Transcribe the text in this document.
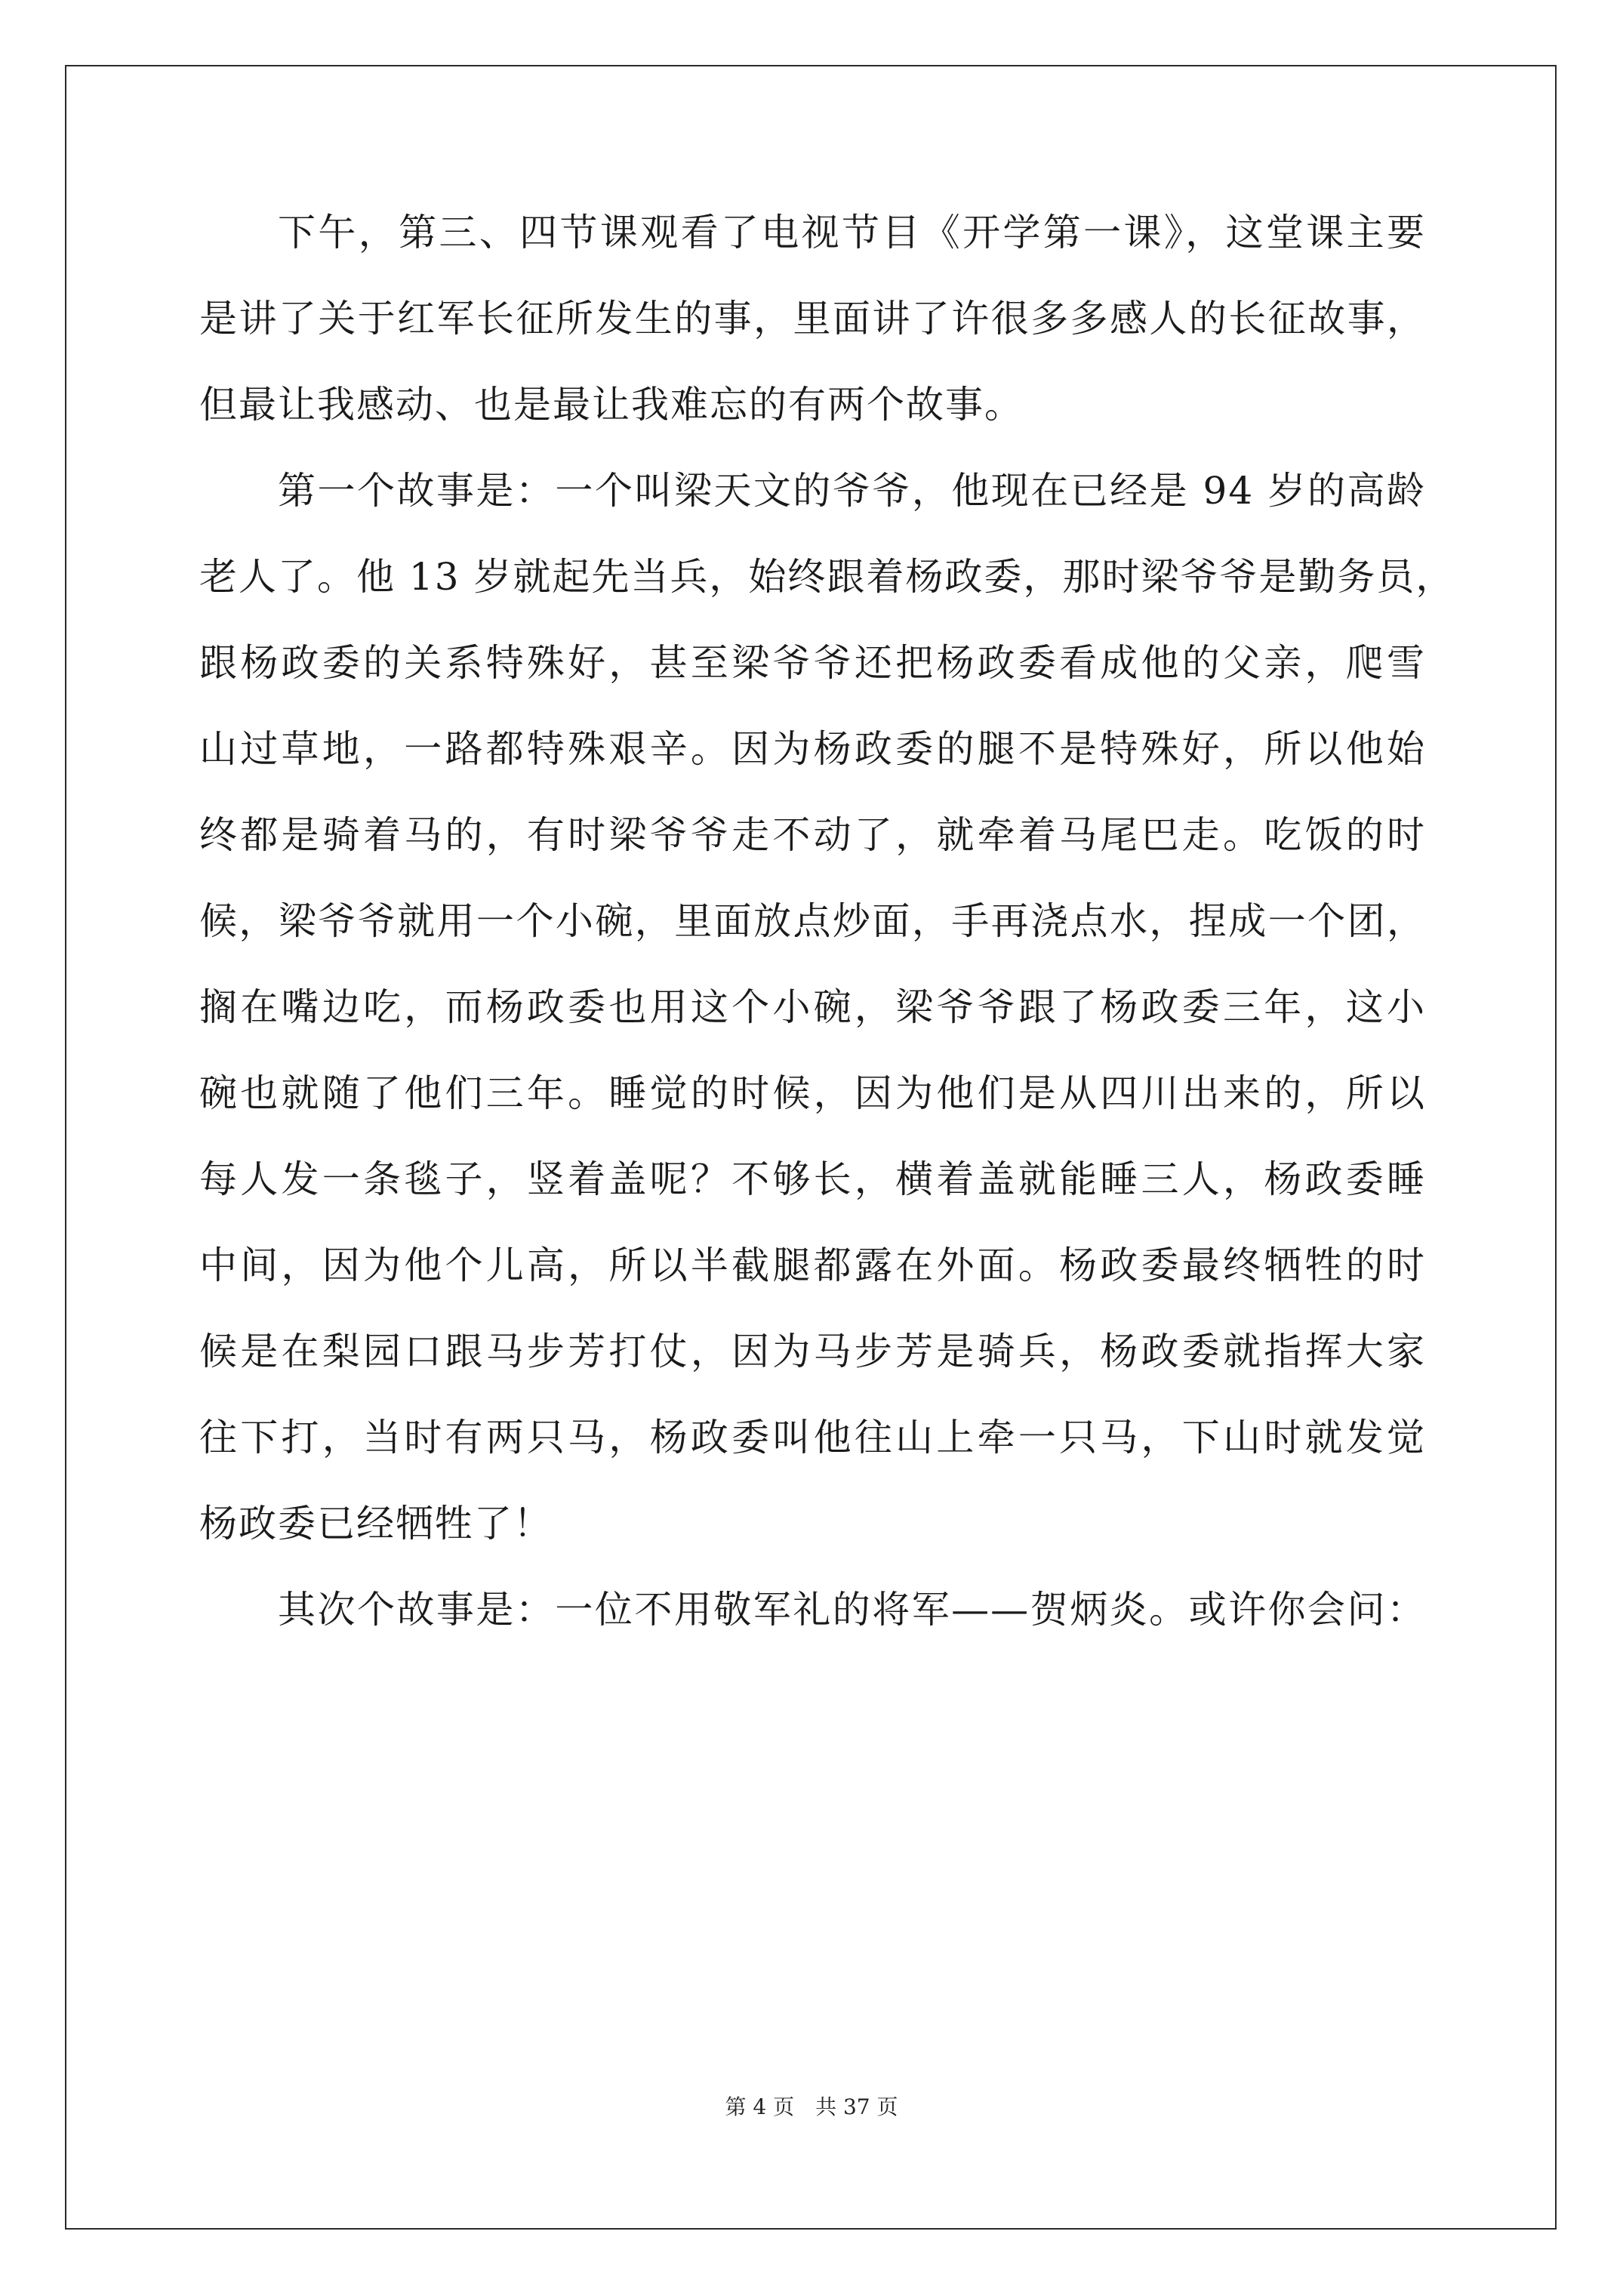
下午，第三、四节课观看了电视节目《开学第一课》，这堂课主要
是讲了关于红军长征所发生的事，里面讲了许很多多感人的长征故事，
但最让我感动、也是最让我难忘的有两个故事。
第一个故事是：一个叫梁天文的爷爷，他现在已经是 94 岁的高龄
老人了。他 13 岁就起先当兵，始终跟着杨政委，那时梁爷爷是勤务员，
跟杨政委的关系特殊好，甚至梁爷爷还把杨政委看成他的父亲，爬雪
山过草地，一路都特殊艰辛。因为杨政委的腿不是特殊好，所以他始
终都是骑着马的，有时梁爷爷走不动了，就牵着马尾巴走。吃饭的时
候，梁爷爷就用一个小碗，里面放点炒面，手再浇点水，捏成一个团，
搁在嘴边吃，而杨政委也用这个小碗，梁爷爷跟了杨政委三年，这小
碗也就随了他们三年。睡觉的时候，因为他们是从四川出来的，所以
每人发一条毯子，竖着盖呢？不够长，横着盖就能睡三人，杨政委睡
中间，因为他个儿高，所以半截腿都露在外面。杨政委最终牺牲的时
候是在梨园口跟马步芳打仗，因为马步芳是骑兵，杨政委就指挥大家
往下打，当时有两只马，杨政委叫他往山上牵一只马，下山时就发觉
杨政委已经牺牲了！
其次个故事是：一位不用敬军礼的将军——贺炳炎。或许你会问：
第 4 页 共 37 页
